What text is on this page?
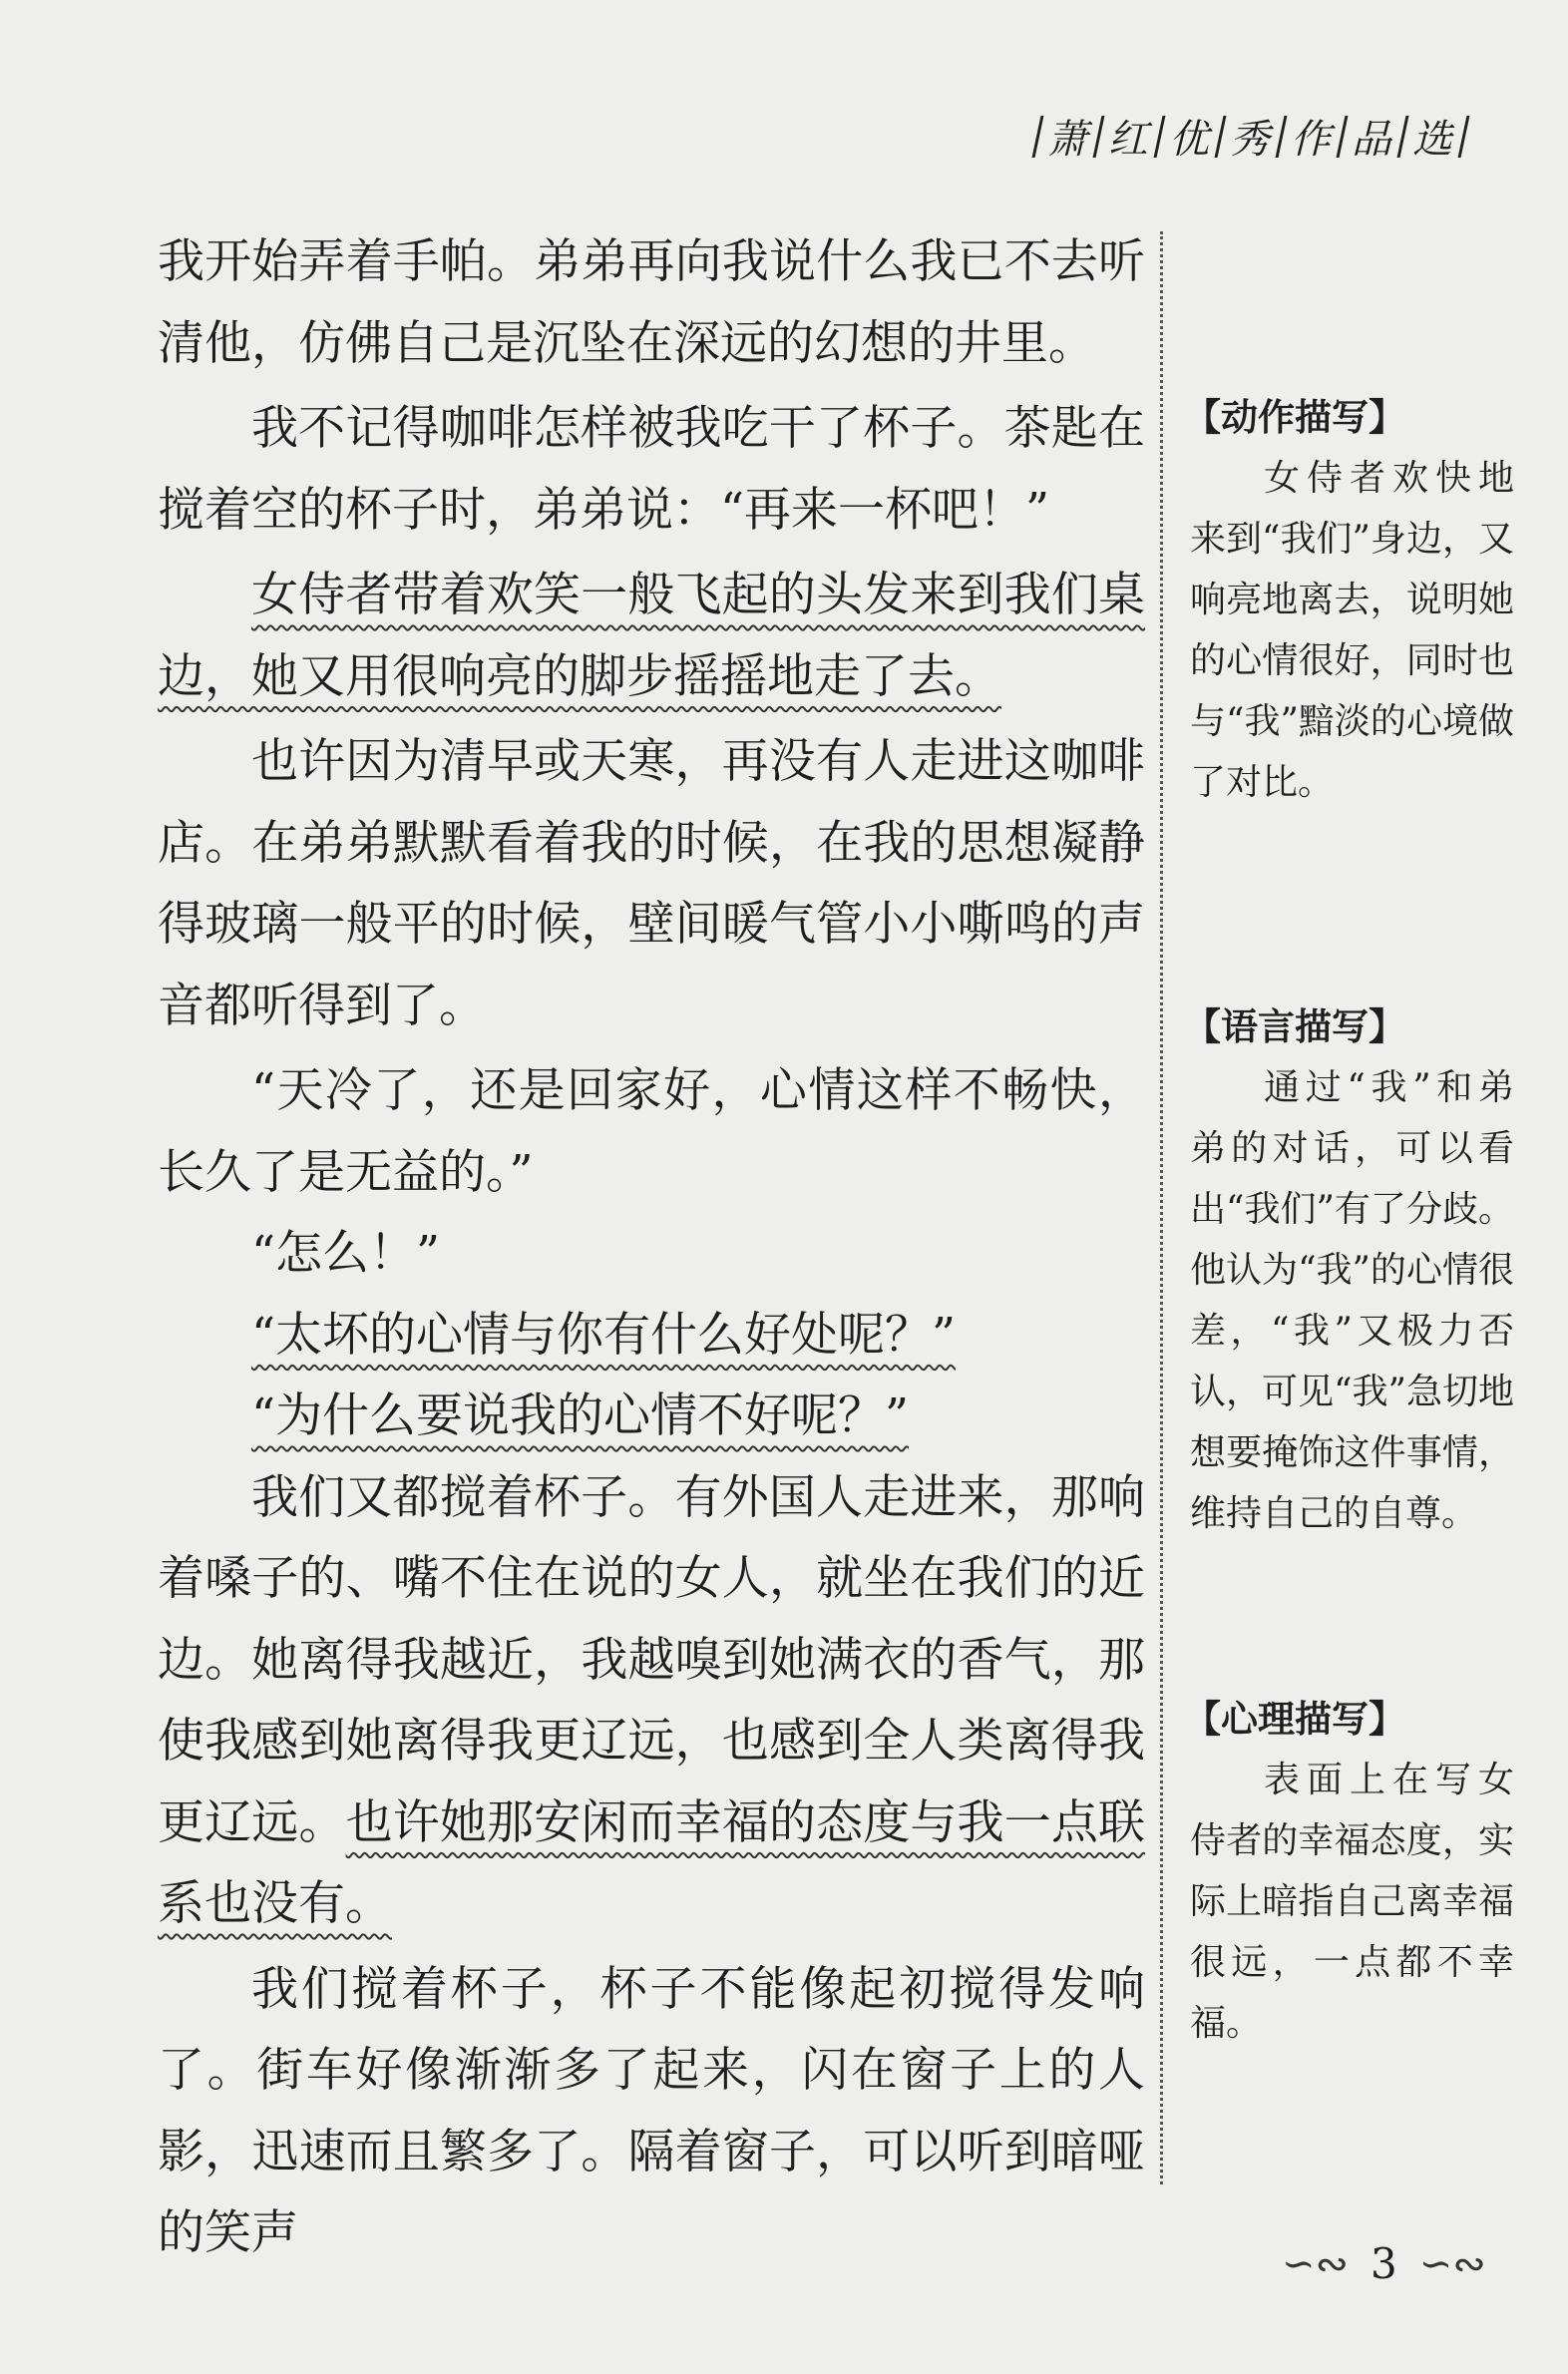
萧 红 优 秀 作 品 选

我开始弄着手帕。弟弟再向我说什么我已不去听清他，仿佛自己是沉坠在深远的幻想的井里。

我不记得咖啡怎样被我吃干了杯子。茶匙在搅着空的杯子时，弟弟说：“再来一杯吧！”

女侍者带着欢笑一般飞起的头发来到我们桌边，她又用很响亮的脚步摇摇地走了去。

也许因为清早或天寒，再没有人走进这咖啡店。在弟弟默默看着我的时候，在我的思想凝静得玻璃一般平的时候，壁间暖气管小小嘶鸣的声音都听得到了。

“天冷了，还是回家好，心情这样不畅快，长久了是无益的。”

“怎么！”

“太坏的心情与你有什么好处呢？”

“为什么要说我的心情不好呢？”

我们又都搅着杯子。有外国人走进来，那响着嗓子的、嘴不住在说的女人，就坐在我们的近边。她离得我越近，我越嗅到她满衣的香气，那使我感到她离得我更辽远，也感到全人类离得我更辽远。也许她那安闲而幸福的态度与我一点联系也没有。

我们搅着杯子，杯子不能像起初搅得发响了。街车好像渐渐多了起来，闪在窗子上的人影，迅速而且繁多了。隔着窗子，可以听到暗哑的笑声

【动作描写】
女侍者欢快地来到“我们”身边，又响亮地离去，说明她的心情很好，同时也与“我”黯淡的心境做了对比。
【语言描写】
通过“我”和弟弟的对话，可以看出“我们”有了分歧。他认为“我”的心情很差，“我”又极力否认，可见“我”急切地想要掩饰这件事情，维持自己的自尊。
【心理描写】
表面上在写女侍者的幸福态度，实际上暗指自己离幸福很远，一点都不幸福。
∽∾ 3 ∽∾
